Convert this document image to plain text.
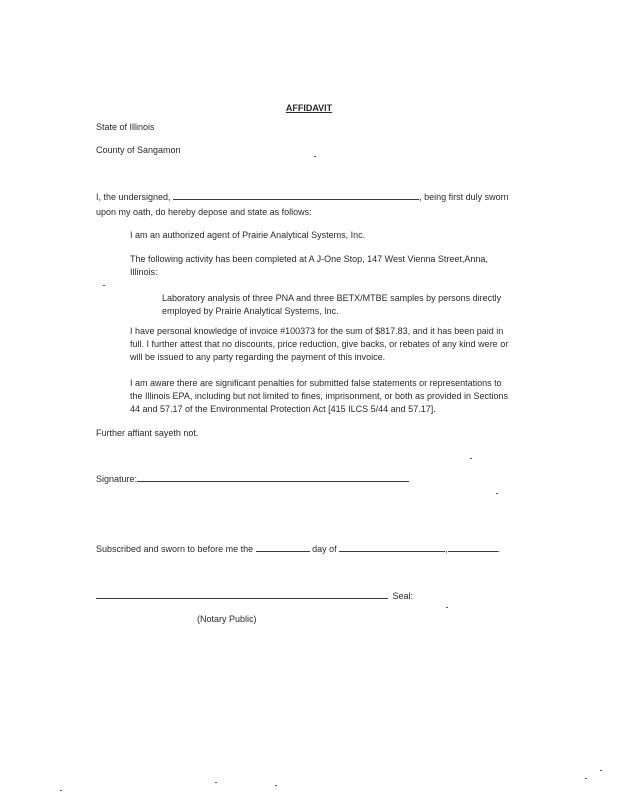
AFFIDAVIT
State of Illinois
County of Sangamon
I, the undersigned,	, being first duly sworn
upon my oath, do hereby depose and state as follows:
I am an authorized agent of Prairie Analytical Systems, Inc.
The following activity has been completed at A J-One Stop, 147 West Vienna Street,Anna,
Illinois:
Laboratory analysis of three PNA and three BETX/MTBE samples by persons directly
employed by Prairie Analytical Systems, Inc.
I have personal knowledge of invoice #100373 for the sum of $817.83, and it has been paid in
full. I further attest that no discounts, price reduction, give backs, or rebates of any kind were or
will be issued to any party regarding the payment of this invoice.
I am aware there are significant penalties for submitted false statements or representations to
the Illinois EPA, including but not limited to fines, imprisonment, or both as provided in Sections
44 and 57.17 of the Environmental Protection Act [415 ILCS 5/44 and 57.17].
Further affiant sayeth not.
Signature:
Subscribed and sworn to before me the	day of	,	.
Seal:
(Notary Public)
